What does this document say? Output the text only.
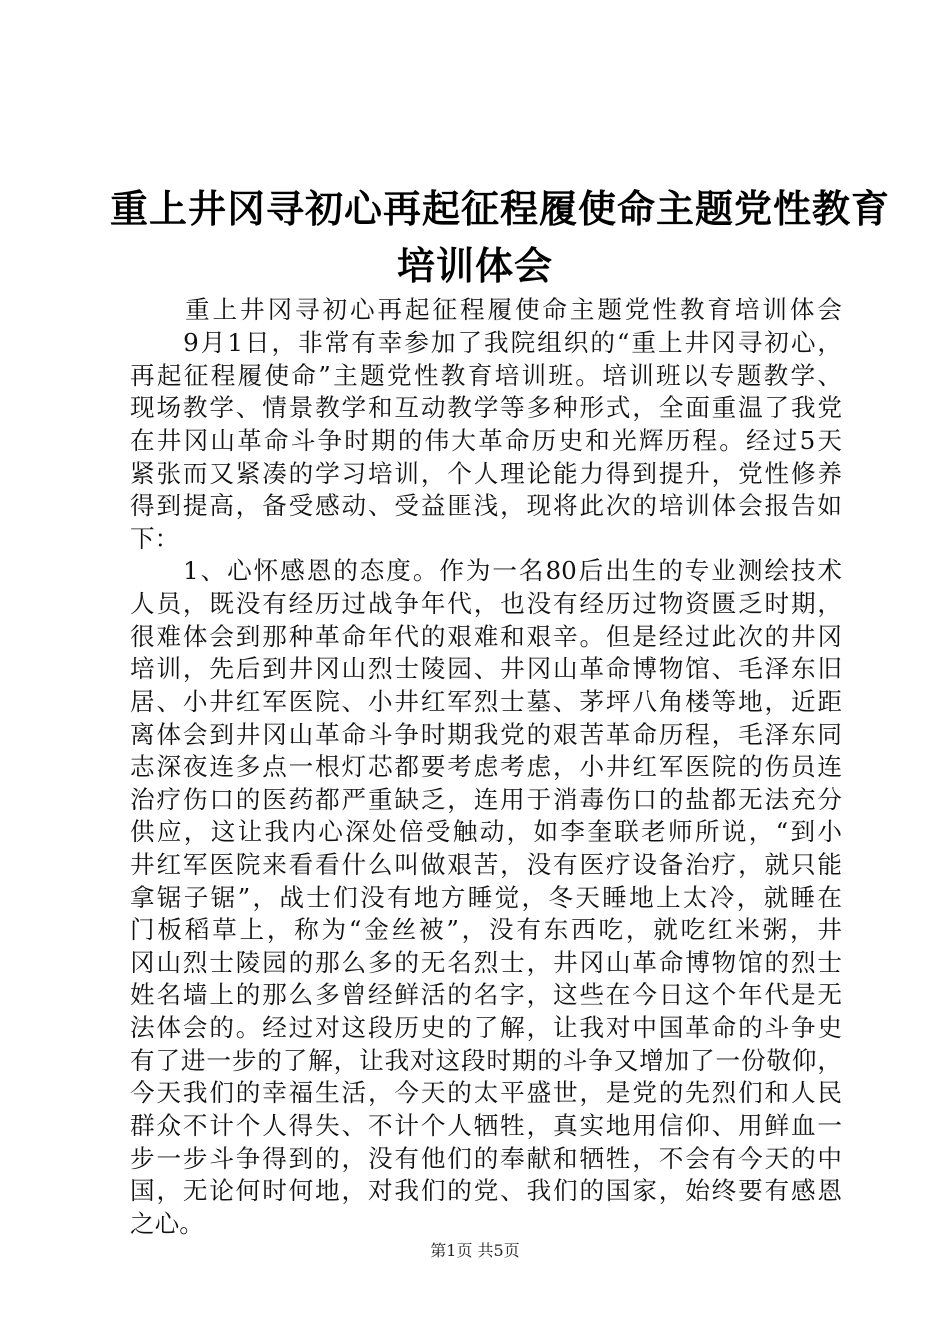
重上井冈寻初心再起征程履使命主题党性教育
培训体会
　　重上井冈寻初心再起征程履使命主题党性教育培训体会
　　9月1日，非常有幸参加了我院组织的“重上井冈寻初心，
再起征程履使命”主题党性教育培训班。培训班以专题教学、
现场教学、情景教学和互动教学等多种形式，全面重温了我党
在井冈山革命斗争时期的伟大革命历史和光辉历程。经过5天
紧张而又紧凑的学习培训，个人理论能力得到提升，党性修养
得到提高，备受感动、受益匪浅，现将此次的培训体会报告如
下：
　　1、心怀感恩的态度。作为一名80后出生的专业测绘技术
人员，既没有经历过战争年代，也没有经历过物资匮乏时期，
很难体会到那种革命年代的艰难和艰辛。但是经过此次的井冈
培训，先后到井冈山烈士陵园、井冈山革命博物馆、毛泽东旧
居、小井红军医院、小井红军烈士墓、茅坪八角楼等地，近距
离体会到井冈山革命斗争时期我党的艰苦革命历程，毛泽东同
志深夜连多点一根灯芯都要考虑考虑，小井红军医院的伤员连
治疗伤口的医药都严重缺乏，连用于消毒伤口的盐都无法充分
供应，这让我内心深处倍受触动，如李奎联老师所说，“到小
井红军医院来看看什么叫做艰苦，没有医疗设备治疗，就只能
拿锯子锯”，战士们没有地方睡觉，冬天睡地上太冷，就睡在
门板稻草上，称为“金丝被”，没有东西吃，就吃红米粥，井
冈山烈士陵园的那么多的无名烈士，井冈山革命博物馆的烈士
姓名墙上的那么多曾经鲜活的名字，这些在今日这个年代是无
法体会的。经过对这段历史的了解，让我对中国革命的斗争史
有了进一步的了解，让我对这段时期的斗争又增加了一份敬仰，
今天我们的幸福生活，今天的太平盛世，是党的先烈们和人民
群众不计个人得失、不计个人牺牲，真实地用信仰、用鲜血一
步一步斗争得到的，没有他们的奉献和牺牲，不会有今天的中
国，无论何时何地，对我们的党、我们的国家，始终要有感恩
之心。
第1页 共5页
